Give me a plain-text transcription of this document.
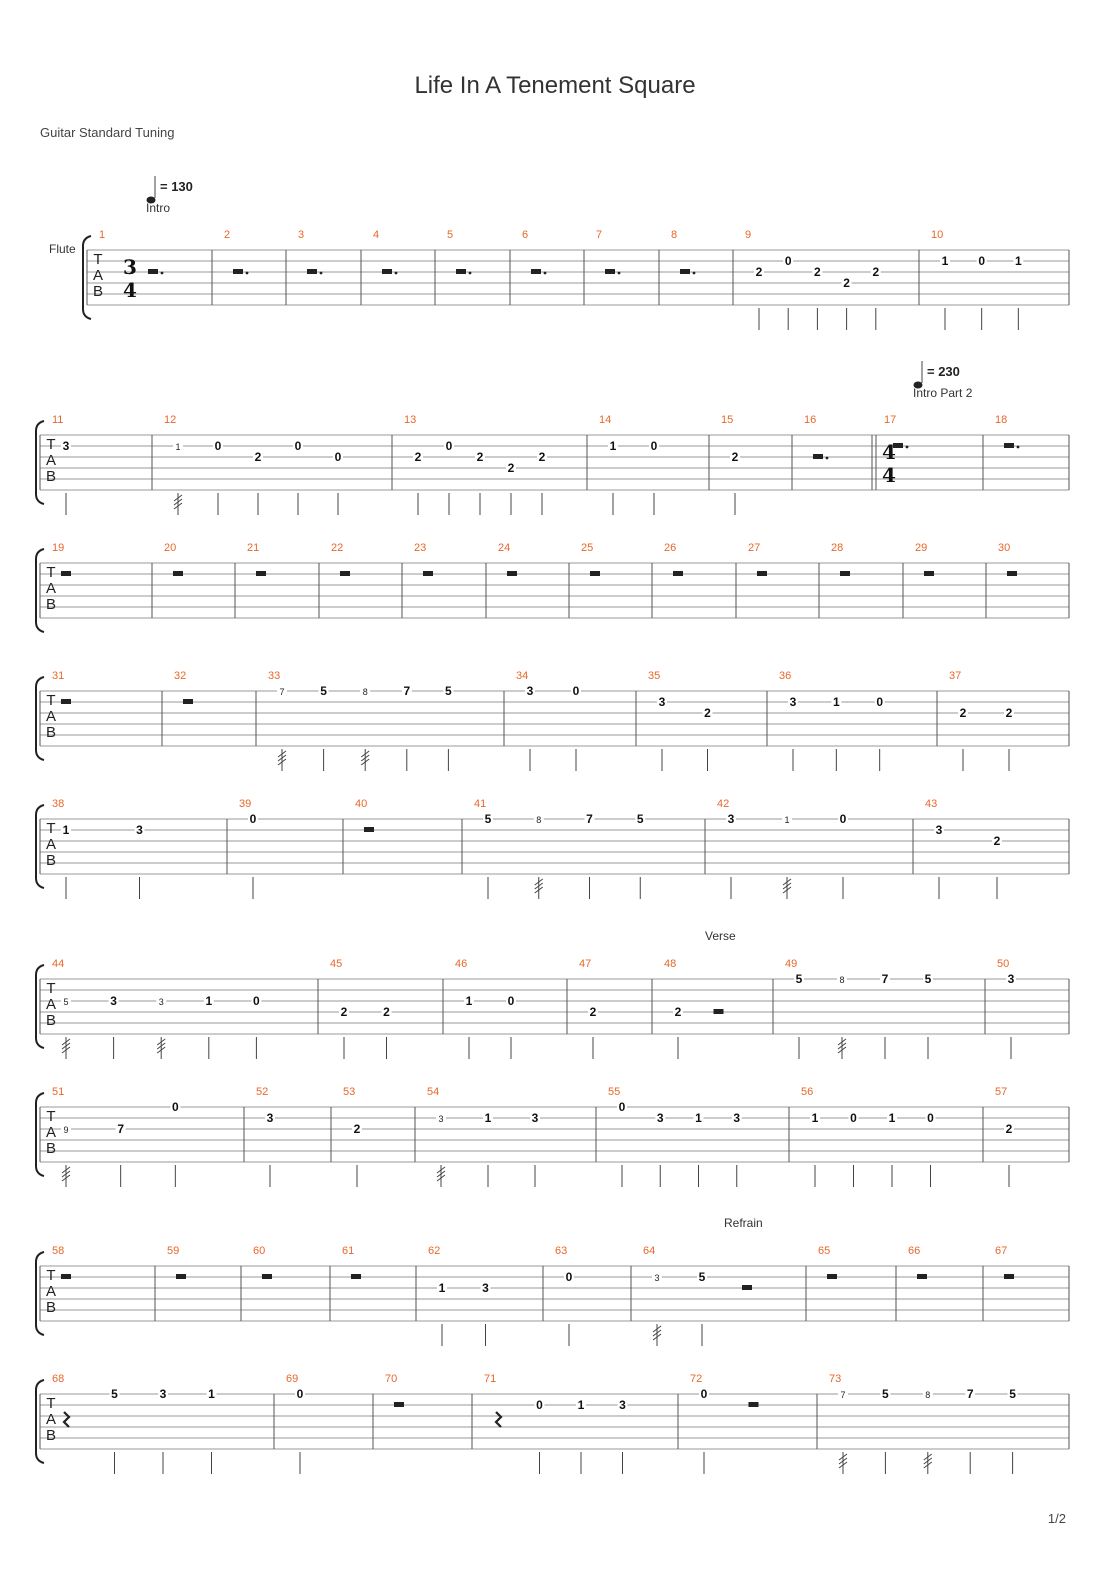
Life In A Tenement Square
Guitar Standard Tuning
T
A
B
Flute
3
4
1	2	3	4	5	6	7	8	9
2
0
2
2
2
10
1 0 1
T
A
B
11
3
12
1	0
2
0
0
13
2
0
2
2
2
14
1	0
15
2
16	17	18
4
4
T
A
B
19	20	21	22	23	24	25	26	27	28	29	30
T
A
B
31	32	33
7	5	8	7	5
34
3	0
35
3
2
36
3	1	0
37
2	2
T
A
B
38
1	3
39
0
40	41
5	8	7	5
42
3	1	0
43
3
2
T
A
B
44
5	3	3	1	0
45
2	2
46
1	0
47
2
48
2
49
5	8	7	5
50
3
T
A
B
51
9	7
0
52
3
53
2
54
3	1	3
55
0
3	1	3
56
1	0	1	0
57
2
T
A
B
58	59	60	61	62
1	3
63
0
64
3	5
65	66	67
T
A
B
68
5	3	1
69
0
70	71
0	1	3
72
0
73
7	5	8	7	5
= 130
Intro
= 230
Intro Part 2
Verse
Refrain
1/2
